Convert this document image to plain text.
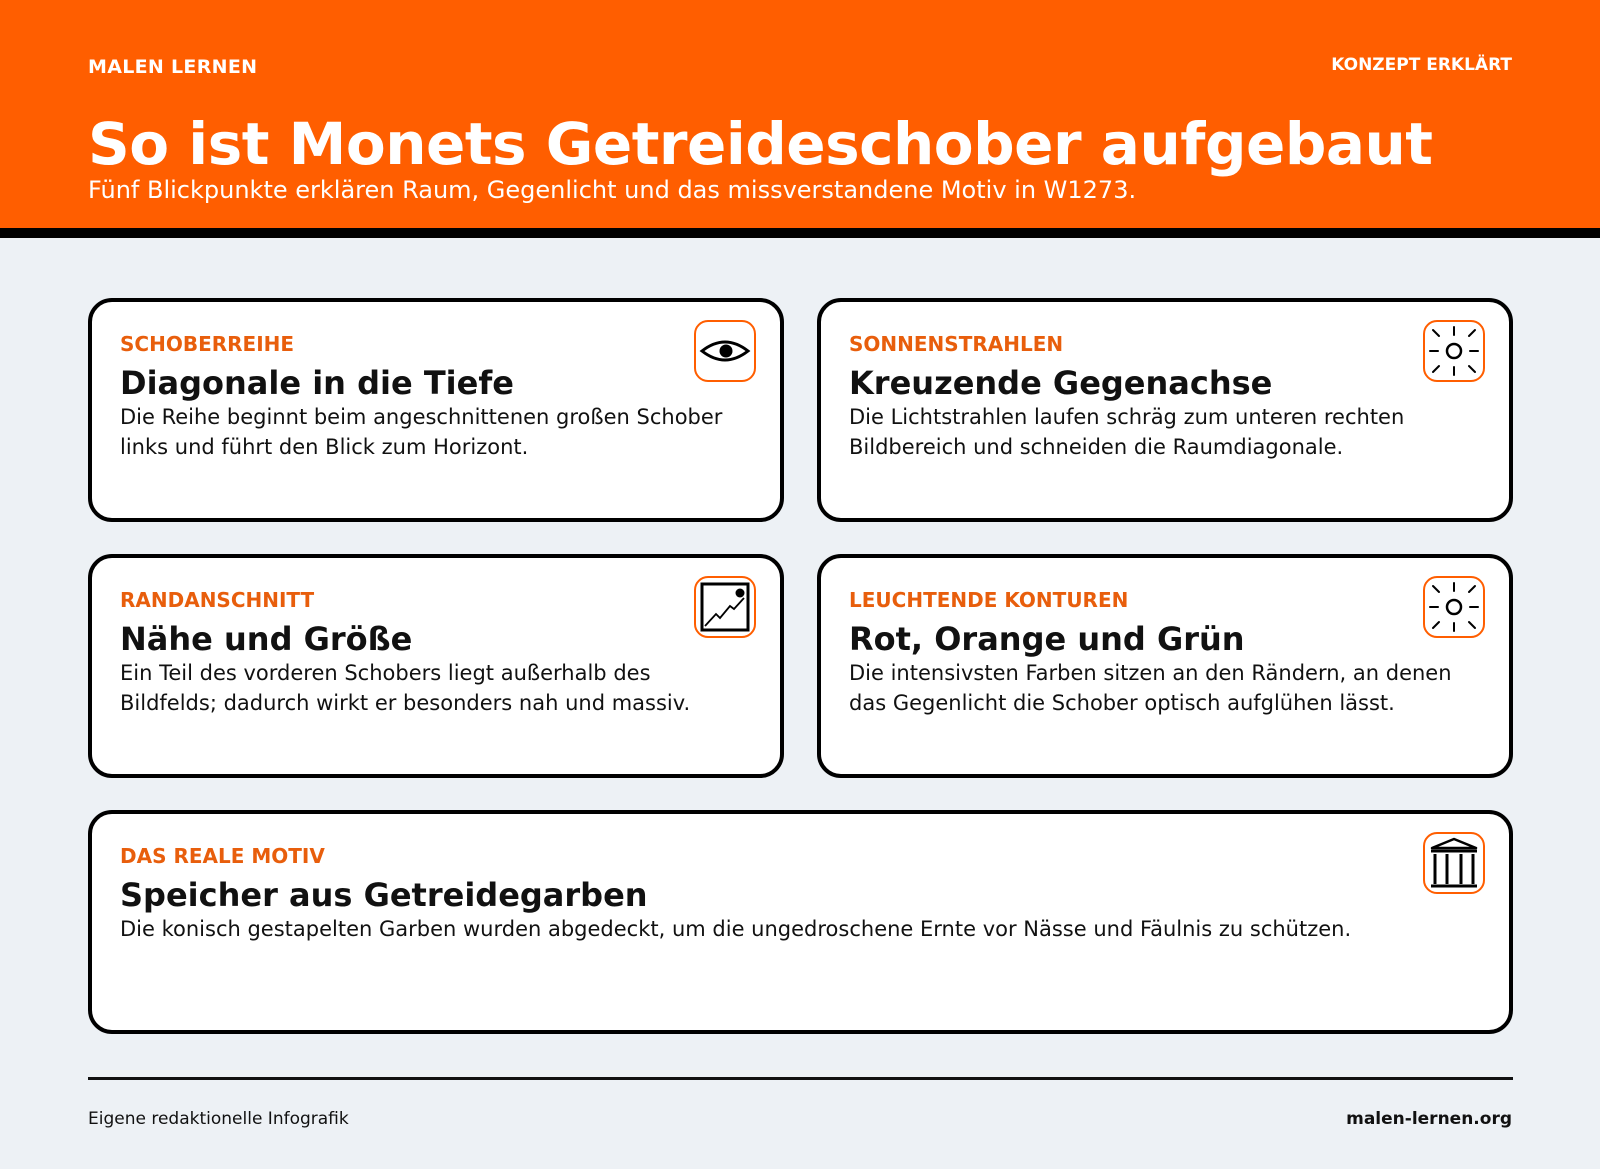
MALEN LERNEN	KONZEPT ERKLÄRT
So ist Monets Getreideschober aufgebaut
Fünf Blickpunkte erklären Raum, Gegenlicht und das missverstandene Motiv in W1273.
SCHOBERREIHE
Diagonale in die Tiefe
Die Reihe beginnt beim angeschnittenen großen Schober links und führt den Blick zum Horizont.
SONNENSTRAHLEN
Kreuzende Gegenachse
Die Lichtstrahlen laufen schräg zum unteren rechten Bildbereich und schneiden die Raumdiagonale.
RANDANSCHNITT
Nähe und Größe
Ein Teil des vorderen Schobers liegt außerhalb des Bildfelds; dadurch wirkt er besonders nah und massiv.
LEUCHTENDE KONTUREN
Rot, Orange und Grün
Die intensivsten Farben sitzen an den Rändern, an denen das Gegenlicht die Schober optisch aufglühen lässt.
DAS REALE MOTIV
Speicher aus Getreidegarben
Die konisch gestapelten Garben wurden abgedeckt, um die ungedroschene Ernte vor Nässe und Fäulnis zu schützen.
Eigene redaktionelle Infografik	malen-lernen.org
